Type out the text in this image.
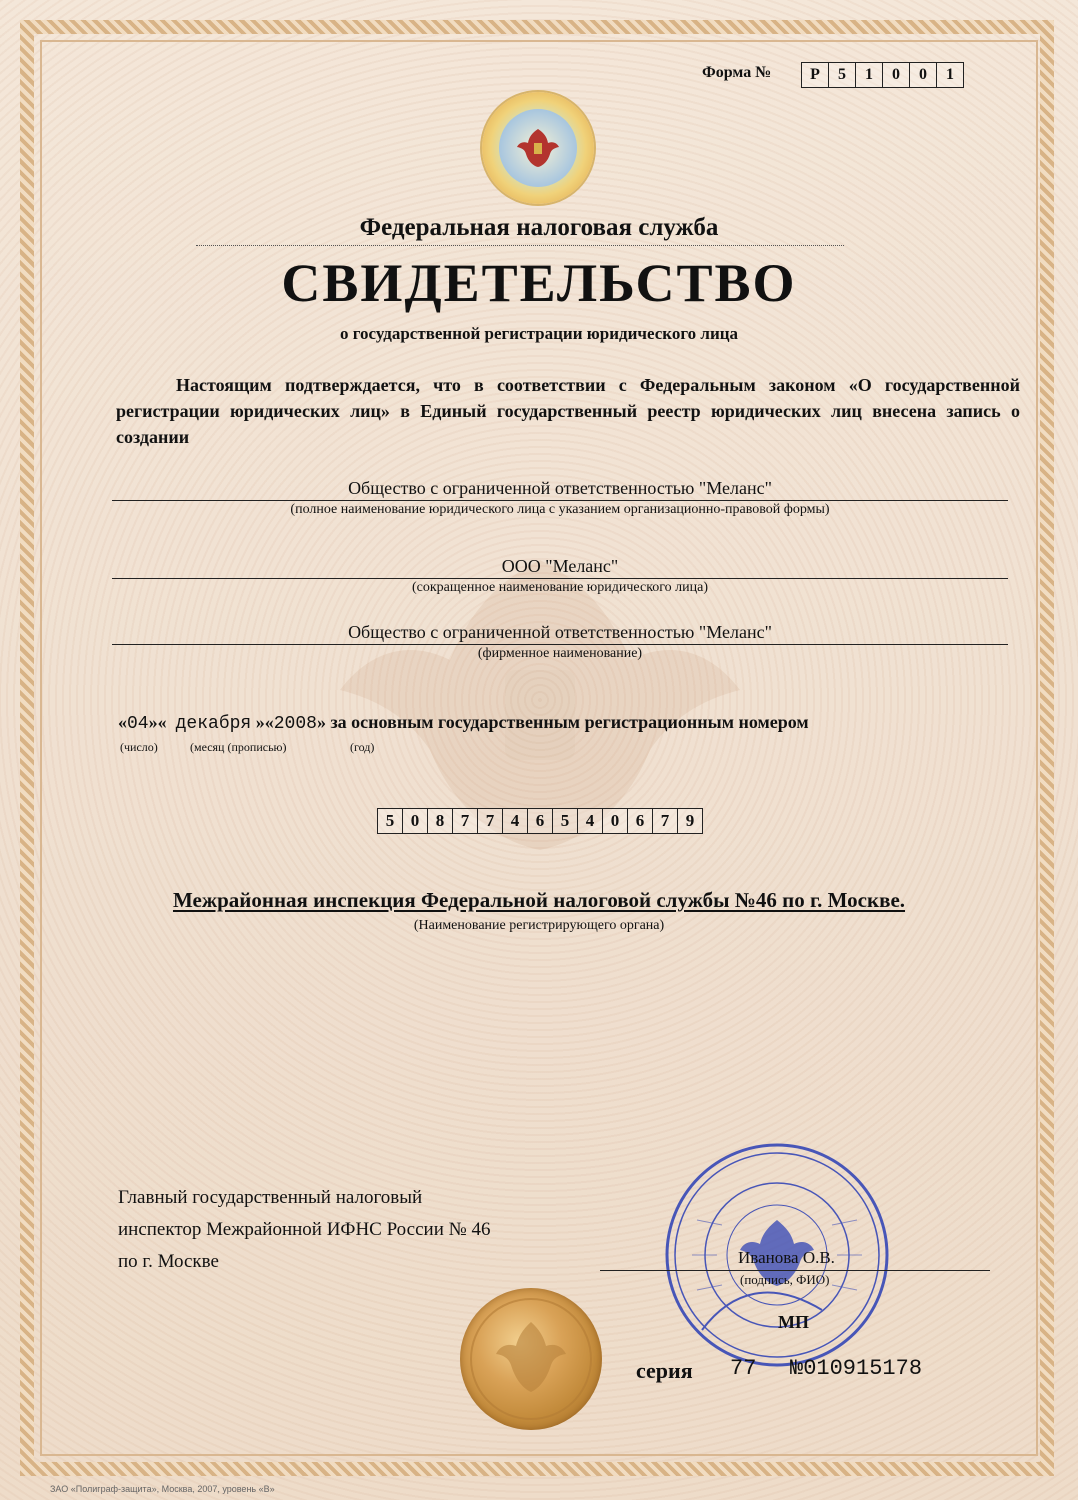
Форма №	Р	5	1	0	0	1
Федеральная налоговая служба
СВИДЕТЕЛЬСТВО
о государственной регистрации юридического лица
Настоящим подтверждается, что в соответствии с Федеральным законом «О государственной регистрации юридических лиц» в Единый государственный реестр юридических лиц внесена запись о создании
Общество с ограниченной ответственностью "Меланс"
(полное наименование юридического лица с указанием организационно-правовой формы)
ООО "Меланс"
(сокращенное наименование юридического лица)
Общество с ограниченной ответственностью "Меланс"
(фирменное наименование)
«04»«  декабря »«2008» за основным государственным регистрационным номером
(число)	(месяц (прописью)	(год)
5 0 8 7 7 4 6 5 4 0 6 7 9
Межрайонная инспекция Федеральной налоговой службы №46 по г. Москве.
(Наименование регистрирующего органа)
Главный государственный налоговый
инспектор Межрайонной ИФНС России № 46
по г. Москве	Иванова О.В.
(подпись, ФИО)
МП
серия 77 №010915178
ЗАО «Полиграф-защита», Москва, 2007, уровень «В»
